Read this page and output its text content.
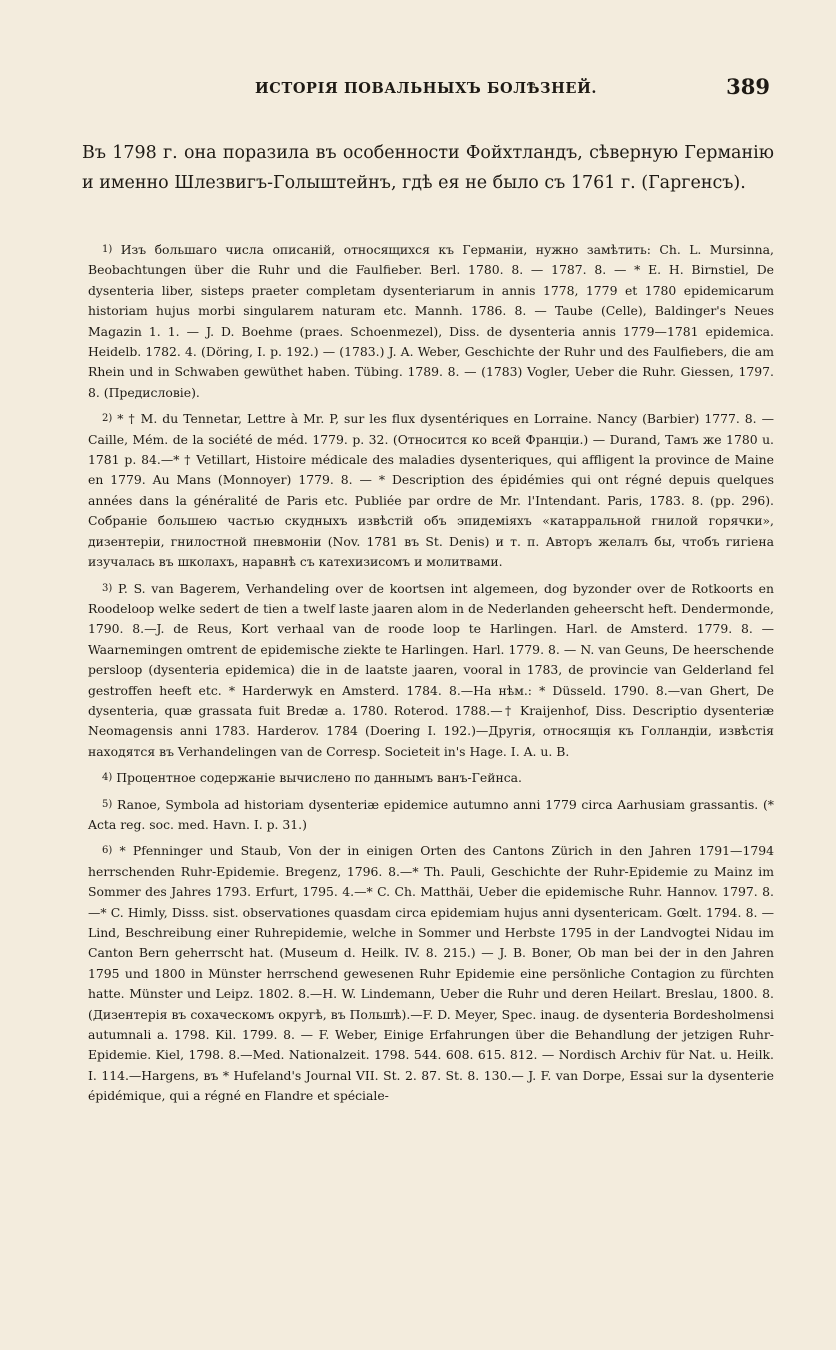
ИСТОРІЯ ПОВАЛЬНЫХЪ БОЛѢЗНЕЙ.	389

Въ 1798 г. она поразила въ особенности Фойхтландъ, сѣверную Германію и именно Шлезвигъ-Голыштейнъ, гдѣ ея не было съ 1761 г. (Гаргенсъ).

1) Изъ большаго числа описаній, относящихся къ Германіи, нужно замѣтить: Ch. L. Mursinna, Beobachtungen über die Ruhr und die Faulfieber. Berl. 1780. 8. — 1787. 8. — * E. H. Birnstiel, De dysenteria liber, sisteps praeter completam dysenteriarum in annis 1778, 1779 et 1780 epidemicarum historiam hujus morbi singularem naturam etc. Mannh. 1786. 8. — Taube (Celle), Baldinger's Neues Magazin 1. 1. — J. D. Boehme (praes. Schoenmezel), Diss. de dysenteria annis 1779—1781 epidemica. Heidelb. 1782. 4. (Döring, I. p. 192.) — (1783.) J. A. Weber, Geschichte der Ruhr und des Faulfiebers, die am Rhein und in Schwaben gewüthet haben. Tübing. 1789. 8. — (1783) Vogler, Ueber die Ruhr. Giessen, 1797. 8. (Предисловіе).

2) * † M. du Tennetar, Lettre à Mr. P, sur les flux dysentériques en Lorraine. Nancy (Barbier) 1777. 8. — Caille, Mém. de la société de méd. 1779. p. 32. (Относится ко всей Франціи.) — Durand, Тамъ же 1780 u. 1781 p. 84.—* † Vetillart, Histoire médicale des maladies dysenteriques, qui affligent la province de Maine en 1779. Au Mans (Monnoyer) 1779. 8. — * Description des épidémies qui ont régné depuis quelques années dans la généralité de Paris etc. Publiée par ordre de Mr. l'Intendant. Paris, 1783. 8. (pp. 296). Собраніе большею частью скудныхъ извѣстій объ эпидеміяхъ «катарральной гнилой горячки», дизентеріи, гнилостной пневмоніи (Nov. 1781 въ St. Denis) и т. п. Авторъ желалъ бы, чтобъ гигіена изучалась въ школахъ, наравнѣ съ катехизисомъ и молитвами.

3) P. S. van Bagerem, Verhandeling over de koortsen int algemeen, dog byzonder over de Rotkoorts en Roodeloop welke sedert de tien a twelf laste jaaren alom in de Nederlanden geheerscht heft. Dendermonde, 1790. 8.—J. de Reus, Kort verhaal van de roode loop te Harlingen. Harl. de Amsterd. 1779. 8. — Waarnemingen omtrent de epidemische ziekte te Harlingen. Harl. 1779. 8. — N. van Geuns, De heerschende persloop (dysenteria epidemica) die in de laatste jaaren, vooral in 1783, de provincie van Gelderland fel gestroffen heeft etc. * Harderwyk en Amsterd. 1784. 8.—На нѣм.: * Düsseld. 1790. 8.—van Ghert, De dysenteria, quæ grassata fuit Bredæ a. 1780. Roterod. 1788.—† Kraijenhof, Diss. Descriptio dysenteriæ Neomagensis anni 1783. Harderov. 1784 (Doering I. 192.)—Другія, относящія къ Голландіи, извѣстія находятся въ Verhandelingen van de Corresp. Societeit in's Hage. I. A. u. B.

4) Процентное содержаніе вычислено по даннымъ ванъ-Гейнса.

5) Ranoe, Symbola ad historiam dysenteriæ epidemice autumno anni 1779 circa Aarhusiam grassantis. (* Acta reg. soc. med. Havn. I. p. 31.)

6) * Pfenninger und Staub, Von der in einigen Orten des Cantons Zürich in den Jahren 1791—1794 herrschenden Ruhr-Epidemie. Bregenz, 1796. 8.—* Th. Pauli, Geschichte der Ruhr-Epidemie zu Mainz im Sommer des Jahres 1793. Erfurt, 1795. 4.—* C. Ch. Matthäi, Ueber die epidemische Ruhr. Hannov. 1797. 8.—* C. Himly, Disss. sist. observationes quasdam circa epidemiam hujus anni dysentericam. Gœlt. 1794. 8. — Lind, Beschreibung einer Ruhrepidemie, welche in Sommer und Herbste 1795 in der Landvogtei Nidau im Canton Bern geherrscht hat. (Museum d. Heilk. IV. 8. 215.) — J. B. Boner, Ob man bei der in den Jahren 1795 und 1800 in Münster herrschend gewesenen Ruhr Epidemie eine persönliche Contagion zu fürchten hatte. Münster und Leipz. 1802. 8.—H. W. Lindemann, Ueber die Ruhr und deren Heilart. Breslau, 1800. 8. (Дизентерія въ сохаческомъ округѣ, въ Польшѣ).—F. D. Meyer, Spec. inaug. de dysenteria Bordesholmensi autumnali a. 1798. Kil. 1799. 8. — F. Weber, Einige Erfahrungen über die Behandlung der jetzigen Ruhr-Epidemie. Kiel, 1798. 8.—Med. Nationalzeit. 1798. 544. 608. 615. 812. — Nordisch Archiv für Nat. u. Heilk. I. 114.—Hargens, въ * Hufeland's Journal VII. St. 2. 87. St. 8. 130.— J. F. van Dorpe, Essai sur la dysenterie épidémique, qui a régné en Flandre et spéciale-
